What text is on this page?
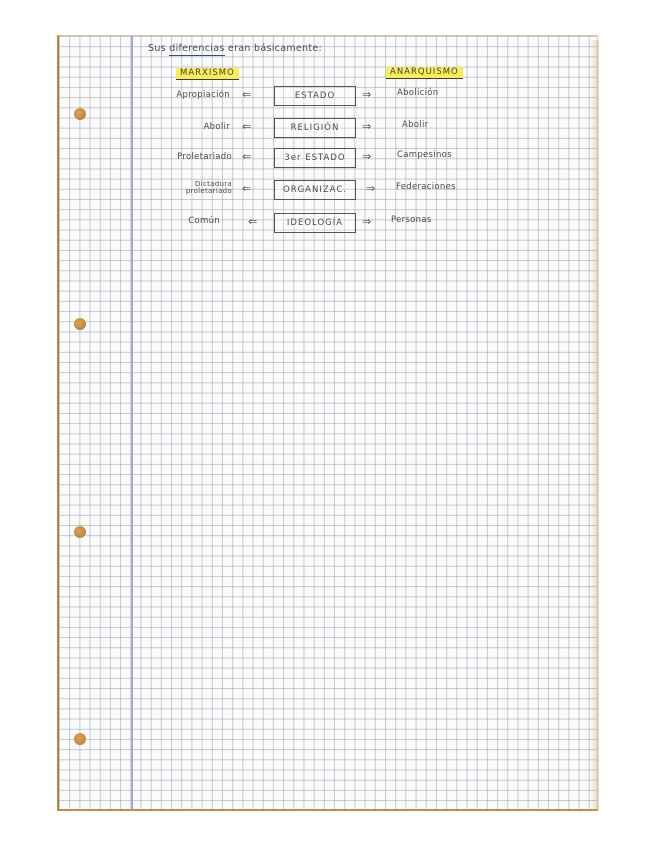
Sus diferencias eran básicamente:
MARXISMO	ANARQUISMO
Apropiación ⇐	ESTADO	⇒	Abolición
Abolir ⇐	RELIGIÓN	⇒	Abolir
Proletariado ⇐	3er ESTADO	⇒	Campesinos
Dictadura proletariado ⇐	ORGANIZAC.	⇒ Federaciones
Común	⇐	IDEOLOGÍA	⇒ Personas
